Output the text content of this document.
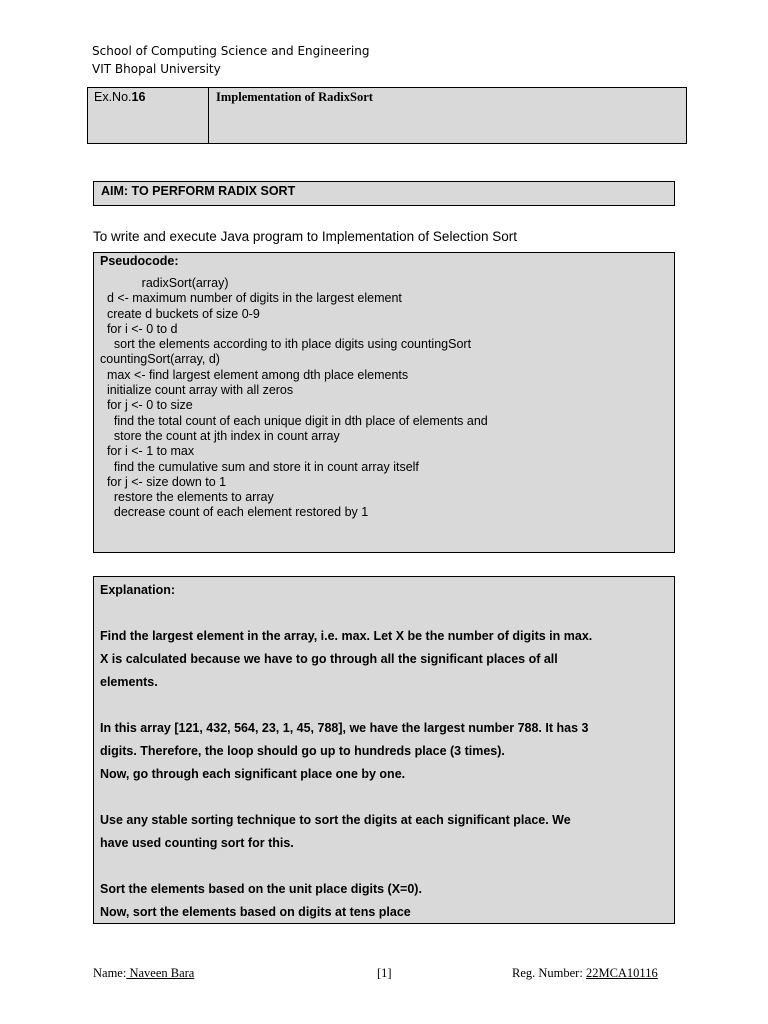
School of Computing Science and Engineering
VIT Bhopal University
Ex.No.16	Implementation of RadixSort
AIM: TO PERFORM RADIX SORT
To write and execute Java program to Implementation of Selection Sort
Pseudocode:
radixSort(array)
d <- maximum number of digits in the largest element
create d buckets of size 0-9
for i <- 0 to d
sort the elements according to ith place digits using countingSort
countingSort(array, d)
max <- find largest element among dth place elements
initialize count array with all zeros
for j <- 0 to size
find the total count of each unique digit in dth place of elements and
store the count at jth index in count array
for i <- 1 to max
find the cumulative sum and store it in count array itself
for j <- size down to 1
restore the elements to array
decrease count of each element restored by 1
Explanation:
Find the largest element in the array, i.e. max. Let X be the number of digits in max.
X is calculated because we have to go through all the significant places of all
elements.
In this array [121, 432, 564, 23, 1, 45, 788], we have the largest number 788. It has 3
digits. Therefore, the loop should go up to hundreds place (3 times).
Now, go through each significant place one by one.
Use any stable sorting technique to sort the digits at each significant place. We
have used counting sort for this.
Sort the elements based on the unit place digits (X=0).
Now, sort the elements based on digits at tens place
Name: Naveen Bara	[1]	Reg. Number: 22MCA10116
